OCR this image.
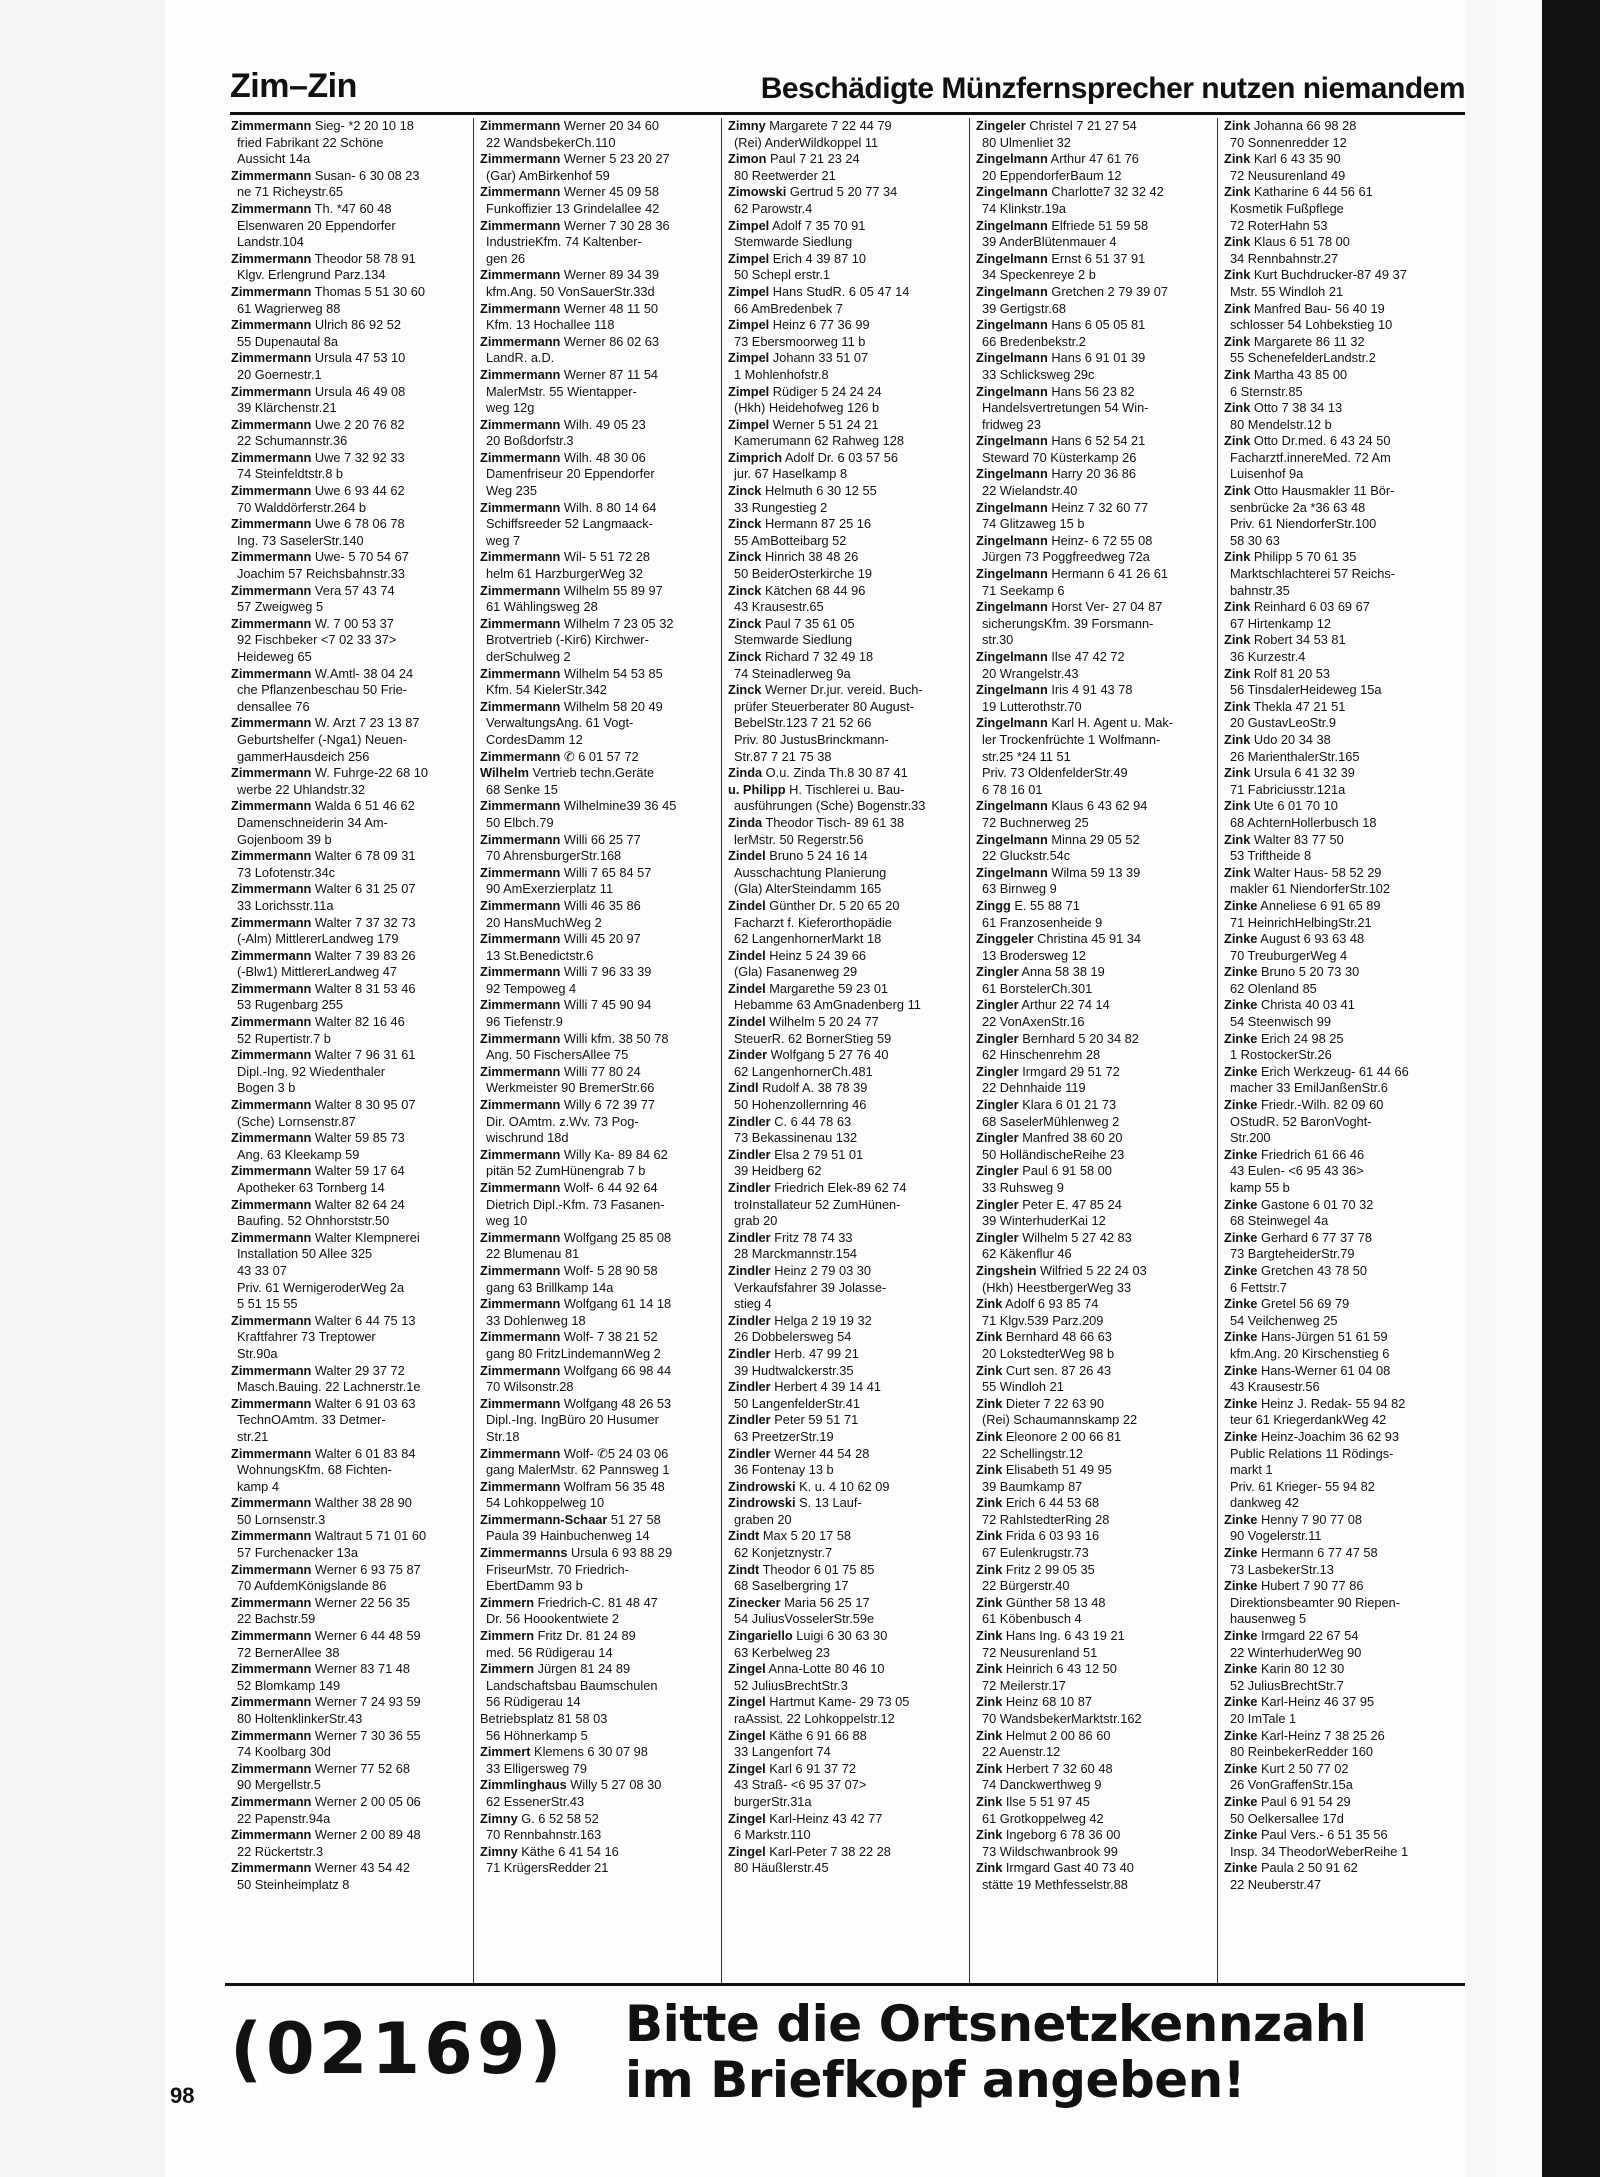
Zim–Zin	Beschädigte Münzfernsprecher nutzen niemandem
Zimmermann Sieg- *2 20 10 18
fried Fabrikant 22 Schöne
Aussicht 14a
Zimmermann Susan- 6 30 08 23
ne 71 Richeystr.65
Zimmermann Th. *47 60 48
Elsenwaren 20 Eppendorfer
Landstr.104
Zimmermann Theodor 58 78 91
Klgv. Erlengrund Parz.134
Zimmermann Thomas 5 51 30 60
61 Wagrierweg 88
Zimmermann Ulrich 86 92 52
55 Dupenautal 8a
Zimmermann Ursula 47 53 10
20 Goernestr.1
Zimmermann Ursula 46 49 08
39 Klärchenstr.21
Zimmermann Uwe 2 20 76 82
22 Schumannstr.36
Zimmermann Uwe 7 32 92 33
74 Steinfeldtstr.8 b
Zimmermann Uwe 6 93 44 62
70 Walddörferstr.264 b
Zimmermann Uwe 6 78 06 78
Ing. 73 SaselerStr.140
Zimmermann Uwe- 5 70 54 67
Joachim 57 Reichsbahnstr.33
Zimmermann Vera 57 43 74
57 Zweigweg 5
Zimmermann W. 7 00 53 37
92 Fischbeker <7 02 33 37>
Heideweg 65
Zimmermann W.Amtl- 38 04 24
che Pflanzenbeschau 50 Frie-
densallee 76
Zimmermann W. Arzt 7 23 13 87
Geburtshelfer (-Nga1) Neuen-
gammerHausdeich 256
Zimmermann W. Fuhrge-22 68 10
werbe 22 Uhlandstr.32
Zimmermann Walda 6 51 46 62
Damenschneiderin 34 Am-
Gojenboom 39 b
Zimmermann Walter 6 78 09 31
73 Lofotenstr.34c
Zimmermann Walter 6 31 25 07
33 Lorichsstr.11a
Zimmermann Walter 7 37 32 73
(-Alm) MittlererLandweg 179
Zimmermann Walter 7 39 83 26
(-Blw1) MittlererLandweg 47
Zimmermann Walter 8 31 53 46
53 Rugenbarg 255
Zimmermann Walter 82 16 46
52 Rupertistr.7 b
Zimmermann Walter 7 96 31 61
Dipl.-Ing. 92 Wiedenthaler
Bogen 3 b
Zimmermann Walter 8 30 95 07
(Sche) Lornsenstr.87
Zimmermann Walter 59 85 73
Ang. 63 Kleekamp 59
Zimmermann Walter 59 17 64
Apotheker 63 Tornberg 14
Zimmermann Walter 82 64 24
Baufing. 52 Ohnhorststr.50
Zimmermann Walter Klempnerei
Installation 50 Allee 325
43 33 07
Priv. 61 WernigeroderWeg 2a
5 51 15 55
Zimmermann Walter 6 44 75 13
Kraftfahrer 73 Treptower
Str.90a
Zimmermann Walter 29 37 72
Masch.Bauing. 22 Lachnerstr.1e
Zimmermann Walter 6 91 03 63
TechnOAmtm. 33 Detmer-
str.21
Zimmermann Walter 6 01 83 84
WohnungsKfm. 68 Fichten-
kamp 4
Zimmermann Walther 38 28 90
50 Lornsenstr.3
Zimmermann Waltraut 5 71 01 60
57 Furchenacker 13a
Zimmermann Werner 6 93 75 87
70 AufdemKönigslande 86
Zimmermann Werner 22 56 35
22 Bachstr.59
Zimmermann Werner 6 44 48 59
72 BernerAllee 38
Zimmermann Werner 83 71 48
52 Blomkamp 149
Zimmermann Werner 7 24 93 59
80 HoltenklinkerStr.43
Zimmermann Werner 7 30 36 55
74 Koolbarg 30d
Zimmermann Werner 77 52 68
90 Mergellstr.5
Zimmermann Werner 2 00 05 06
22 Papenstr.94a
Zimmermann Werner 2 00 89 48
22 Rückertstr.3
Zimmermann Werner 43 54 42
50 Steinheimplatz 8
Zimmermann Werner 20 34 60
22 WandsbekerCh.110
Zimmermann Werner 5 23 20 27
(Gar) AmBirkenhof 59
Zimmermann Werner 45 09 58
Funkoffizier 13 Grindelallee 42
Zimmermann Werner 7 30 28 36
IndustrieKfm. 74 Kaltenber-
gen 26
Zimmermann Werner 89 34 39
kfm.Ang. 50 VonSauerStr.33d
Zimmermann Werner 48 11 50
Kfm. 13 Hochallee 118
Zimmermann Werner 86 02 63
LandR. a.D.
Zimmermann Werner 87 11 54
MalerMstr. 55 Wientapper-
weg 12g
Zimmermann Wilh. 49 05 23
20 Boßdorfstr.3
Zimmermann Wilh. 48 30 06
Damenfriseur 20 Eppendorfer
Weg 235
Zimmermann Wilh. 8 80 14 64
Schiffsreeder 52 Langmaack-
weg 7
Zimmermann Wil- 5 51 72 28
helm 61 HarzburgerWeg 32
Zimmermann Wilhelm 55 89 97
61 Wählingsweg 28
Zimmermann Wilhelm 7 23 05 32
Brotvertrieb (-Kir6) Kirchwer-
derSchulweg 2
Zimmermann Wilhelm 54 53 85
Kfm. 54 KielerStr.342
Zimmermann Wilhelm 58 20 49
VerwaltungsAng. 61 Vogt-
CordesDamm 12
Zimmermann ✆ 6 01 57 72
Wilhelm Vertrieb techn.Geräte
68 Senke 15
Zimmermann Wilhelmine39 36 45
50 Elbch.79
Zimmermann Willi 66 25 77
70 AhrensburgerStr.168
Zimmermann Willi 7 65 84 57
90 AmExerzierplatz 11
Zimmermann Willi 46 35 86
20 HansMuchWeg 2
Zimmermann Willi 45 20 97
13 St.Benedictstr.6
Zimmermann Willi 7 96 33 39
92 Tempoweg 4
Zimmermann Willi 7 45 90 94
96 Tiefenstr.9
Zimmermann Willi kfm. 38 50 78
Ang. 50 FischersAllee 75
Zimmermann Willi 77 80 24
Werkmeister 90 BremerStr.66
Zimmermann Willy 6 72 39 77
Dir. OAmtm. z.Wv. 73 Pog-
wischrund 18d
Zimmermann Willy Ka- 89 84 62
pitän 52 ZumHünengrab 7 b
Zimmermann Wolf- 6 44 92 64
Dietrich Dipl.-Kfm. 73 Fasanen-
weg 10
Zimmermann Wolfgang 25 85 08
22 Blumenau 81
Zimmermann Wolf- 5 28 90 58
gang 63 Brillkamp 14a
Zimmermann Wolfgang 61 14 18
33 Dohlenweg 18
Zimmermann Wolf- 7 38 21 52
gang 80 FritzLindemannWeg 2
Zimmermann Wolfgang 66 98 44
70 Wilsonstr.28
Zimmermann Wolfgang 48 26 53
Dipl.-Ing. IngBüro 20 Husumer
Str.18
Zimmermann Wolf- ✆5 24 03 06
gang MalerMstr. 62 Pannsweg 1
Zimmermann Wolfram 56 35 48
54 Lohkoppelweg 10
Zimmermann-Schaar 51 27 58
Paula 39 Hainbuchenweg 14
Zimmermanns Ursula 6 93 88 29
FriseurMstr. 70 Friedrich-
EbertDamm 93 b
Zimmern Friedrich-C. 81 48 47
Dr. 56 Hoookentwiete 2
Zimmern Fritz Dr. 81 24 89
med. 56 Rüdigerau 14
Zimmern Jürgen 81 24 89
Landschaftsbau Baumschulen
56 Rüdigerau 14
Betriebsplatz 81 58 03
56 Höhnerkamp 5
Zimmert Klemens 6 30 07 98
33 Elligersweg 79
Zimmlinghaus Willy 5 27 08 30
62 EssenerStr.43
Zimny G. 6 52 58 52
70 Rennbahnstr.163
Zimny Käthe 6 41 54 16
71 KrügersRedder 21
Zimny Margarete 7 22 44 79
(Rei) AnderWildkoppel 11
Zimon Paul 7 21 23 24
80 Reetwerder 21
Zimowski Gertrud 5 20 77 34
62 Parowstr.4
Zimpel Adolf 7 35 70 91
Stemwarde Siedlung
Zimpel Erich 4 39 87 10
50 Schepl erstr.1
Zimpel Hans StudR. 6 05 47 14
66 AmBredenbek 7
Zimpel Heinz 6 77 36 99
73 Ebersmoorweg 11 b
Zimpel Johann 33 51 07
1 Mohlenhofstr.8
Zimpel Rüdiger 5 24 24 24
(Hkh) Heidehofweg 126 b
Zimpel Werner 5 51 24 21
Kamerumann 62 Rahweg 128
Zimprich Adolf Dr. 6 03 57 56
jur. 67 Haselkamp 8
Zinck Helmuth 6 30 12 55
33 Rungestieg 2
Zinck Hermann 87 25 16
55 AmBotteibarg 52
Zinck Hinrich 38 48 26
50 BeiderOsterkirche 19
Zinck Kätchen 68 44 96
43 Krausestr.65
Zinck Paul 7 35 61 05
Stemwarde Siedlung
Zinck Richard 7 32 49 18
74 Steinadlerweg 9a
Zinck Werner Dr.jur. vereid. Buch-
prüfer Steuerberater 80 August-
BebelStr.123 7 21 52 66
Priv. 80 JustusBrinckmann-
Str.87 7 21 75 38
Zinda O.u. Zinda Th.8 30 87 41
u. Philipp H. Tischlerei u. Bau-
ausführungen (Sche) Bogenstr.33
Zinda Theodor Tisch- 89 61 38
lerMstr. 50 Regerstr.56
Zindel Bruno 5 24 16 14
Ausschachtung Planierung
(Gla) AlterSteindamm 165
Zindel Günther Dr. 5 20 65 20
Facharzt f. Kieferorthopädie
62 LangenhornerMarkt 18
Zindel Heinz 5 24 39 66
(Gla) Fasanenweg 29
Zindel Margarethe 59 23 01
Hebamme 63 AmGnadenberg 11
Zindel Wilhelm 5 20 24 77
SteuerR. 62 BornerStieg 59
Zinder Wolfgang 5 27 76 40
62 LangenhornerCh.481
Zindl Rudolf A. 38 78 39
50 Hohenzollernring 46
Zindler C. 6 44 78 63
73 Bekassinenau 132
Zindler Elsa 2 79 51 01
39 Heidberg 62
Zindler Friedrich Elek-89 62 74
troInstallateur 52 ZumHünen-
grab 20
Zindler Fritz 78 74 33
28 Marckmannstr.154
Zindler Heinz 2 79 03 30
Verkaufsfahrer 39 Jolasse-
stieg 4
Zindler Helga 2 19 19 32
26 Dobbelersweg 54
Zindler Herb. 47 99 21
39 Hudtwalckerstr.35
Zindler Herbert 4 39 14 41
50 LangenfelderStr.41
Zindler Peter 59 51 71
63 PreetzerStr.19
Zindler Werner 44 54 28
36 Fontenay 13 b
Zindrowski K. u. 4 10 62 09
Zindrowski S. 13 Lauf-
graben 20
Zindt Max 5 20 17 58
62 Konjetznystr.7
Zindt Theodor 6 01 75 85
68 Saselbergring 17
Zinecker Maria 56 25 17
54 JuliusVosselerStr.59e
Zingariello Luigi 6 30 63 30
63 Kerbelweg 23
Zingel Anna-Lotte 80 46 10
52 JuliusBrechtStr.3
Zingel Hartmut Kame- 29 73 05
raAssist. 22 Lohkoppelstr.12
Zingel Käthe 6 91 66 88
33 Langenfort 74
Zingel Karl 6 91 37 72
43 Straß- <6 95 37 07>
burgerStr.31a
Zingel Karl-Heinz 43 42 77
6 Markstr.110
Zingel Karl-Peter 7 38 22 28
80 Häußlerstr.45
Zingeler Christel 7 21 27 54
80 Ulmenliet 32
Zingelmann Arthur 47 61 76
20 EppendorferBaum 12
Zingelmann Charlotte7 32 32 42
74 Klinkstr.19a
Zingelmann Elfriede 51 59 58
39 AnderBlütenmauer 4
Zingelmann Ernst 6 51 37 91
34 Speckenreye 2 b
Zingelmann Gretchen 2 79 39 07
39 Gertigstr.68
Zingelmann Hans 6 05 05 81
66 Bredenbekstr.2
Zingelmann Hans 6 91 01 39
33 Schlicksweg 29c
Zingelmann Hans 56 23 82
Handelsvertretungen 54 Win-
fridweg 23
Zingelmann Hans 6 52 54 21
Steward 70 Küsterkamp 26
Zingelmann Harry 20 36 86
22 Wielandstr.40
Zingelmann Heinz 7 32 60 77
74 Glitzaweg 15 b
Zingelmann Heinz- 6 72 55 08
Jürgen 73 Poggfreedweg 72a
Zingelmann Hermann 6 41 26 61
71 Seekamp 6
Zingelmann Horst Ver- 27 04 87
sicherungsKfm. 39 Forsmann-
str.30
Zingelmann Ilse 47 42 72
20 Wrangelstr.43
Zingelmann Iris 4 91 43 78
19 Lutterothstr.70
Zingelmann Karl H. Agent u. Mak-
ler Trockenfrüchte 1 Wolfmann-
str.25 *24 11 51
Priv. 73 OldenfelderStr.49
6 78 16 01
Zingelmann Klaus 6 43 62 94
72 Buchnerweg 25
Zingelmann Minna 29 05 52
22 Gluckstr.54c
Zingelmann Wilma 59 13 39
63 Birnweg 9
Zingg E. 55 88 71
61 Franzosenheide 9
Zinggeler Christina 45 91 34
13 Brodersweg 12
Zingler Anna 58 38 19
61 BorstelerCh.301
Zingler Arthur 22 74 14
22 VonAxenStr.16
Zingler Bernhard 5 20 34 82
62 Hinschenrehm 28
Zingler Irmgard 29 51 72
22 Dehnhaide 119
Zingler Klara 6 01 21 73
68 SaselerMühlenweg 2
Zingler Manfred 38 60 20
50 HolländischeReihe 23
Zingler Paul 6 91 58 00
33 Ruhsweg 9
Zingler Peter E. 47 85 24
39 WinterhuderKai 12
Zingler Wilhelm 5 27 42 83
62 Käkenflur 46
Zingshein Wilfried 5 22 24 03
(Hkh) HeestbergerWeg 33
Zink Adolf 6 93 85 74
71 Klgv.539 Parz.209
Zink Bernhard 48 66 63
20 LokstedterWeg 98 b
Zink Curt sen. 87 26 43
55 Windloh 21
Zink Dieter 7 22 63 90
(Rei) Schaumannskamp 22
Zink Eleonore 2 00 66 81
22 Schellingstr.12
Zink Elisabeth 51 49 95
39 Baumkamp 87
Zink Erich 6 44 53 68
72 RahlstedterRing 28
Zink Frida 6 03 93 16
67 Eulenkrugstr.73
Zink Fritz 2 99 05 35
22 Bürgerstr.40
Zink Günther 58 13 48
61 Köbenbusch 4
Zink Hans Ing. 6 43 19 21
72 Neusurenland 51
Zink Heinrich 6 43 12 50
72 Meilerstr.17
Zink Heinz 68 10 87
70 WandsbekerMarktstr.162
Zink Helmut 2 00 86 60
22 Auenstr.12
Zink Herbert 7 32 60 48
74 Danckwerthweg 9
Zink Ilse 5 51 97 45
61 Grotkoppelweg 42
Zink Ingeborg 6 78 36 00
73 Wildschwanbrook 99
Zink Irmgard Gast 40 73 40
stätte 19 Methfesselstr.88
Zink Johanna 66 98 28
70 Sonnenredder 12
Zink Karl 6 43 35 90
72 Neusurenland 49
Zink Katharine 6 44 56 61
Kosmetik Fußpflege
72 RoterHahn 53
Zink Klaus 6 51 78 00
34 Rennbahnstr.27
Zink Kurt Buchdrucker-87 49 37
Mstr. 55 Windloh 21
Zink Manfred Bau- 56 40 19
schlosser 54 Lohbekstieg 10
Zink Margarete 86 11 32
55 SchenefelderLandstr.2
Zink Martha 43 85 00
6 Sternstr.85
Zink Otto 7 38 34 13
80 Mendelstr.12 b
Zink Otto Dr.med. 6 43 24 50
Facharztf.innereMed. 72 Am
Luisenhof 9a
Zink Otto Hausmakler 11 Bör-
senbrücke 2a *36 63 48
Priv. 61 NiendorferStr.100
58 30 63
Zink Philipp 5 70 61 35
Marktschlachterei 57 Reichs-
bahnstr.35
Zink Reinhard 6 03 69 67
67 Hirtenkamp 12
Zink Robert 34 53 81
36 Kurzestr.4
Zink Rolf 81 20 53
56 TinsdalerHeideweg 15a
Zink Thekla 47 21 51
20 GustavLeoStr.9
Zink Udo 20 34 38
26 MarienthalerStr.165
Zink Ursula 6 41 32 39
71 Fabriciusstr.121a
Zink Ute 6 01 70 10
68 AchternHollerbusch 18
Zink Walter 83 77 50
53 Triftheide 8
Zink Walter Haus- 58 52 29
makler 61 NiendorferStr.102
Zinke Anneliese 6 91 65 89
71 HeinrichHelbingStr.21
Zinke August 6 93 63 48
70 TreuburgerWeg 4
Zinke Bruno 5 20 73 30
62 Olenland 85
Zinke Christa 40 03 41
54 Steenwisch 99
Zinke Erich 24 98 25
1 RostockerStr.26
Zinke Erich Werkzeug- 61 44 66
macher 33 EmilJanßenStr.6
Zinke Friedr.-Wilh. 82 09 60
OStudR. 52 BaronVoght-
Str.200
Zinke Friedrich 61 66 46
43 Eulen- <6 95 43 36>
kamp 55 b
Zinke Gastone 6 01 70 32
68 Steinwegel 4a
Zinke Gerhard 6 77 37 78
73 BargteheiderStr.79
Zinke Gretchen 43 78 50
6 Fettstr.7
Zinke Gretel 56 69 79
54 Veilchenweg 25
Zinke Hans-Jürgen 51 61 59
kfm.Ang. 20 Kirschenstieg 6
Zinke Hans-Werner 61 04 08
43 Krausestr.56
Zinke Heinz J. Redak- 55 94 82
teur 61 KriegerdankWeg 42
Zinke Heinz-Joachim 36 62 93
Public Relations 11 Rödings-
markt 1
Priv. 61 Krieger- 55 94 82
dankweg 42
Zinke Henny 7 90 77 08
90 Vogelerstr.11
Zinke Hermann 6 77 47 58
73 LasbekerStr.13
Zinke Hubert 7 90 77 86
Direktionsbeamter 90 Riepen-
hausenweg 5
Zinke Irmgard 22 67 54
22 WinterhuderWeg 90
Zinke Karin 80 12 30
52 JuliusBrechtStr.7
Zinke Karl-Heinz 46 37 95
20 ImTale 1
Zinke Karl-Heinz 7 38 25 26
80 ReinbekerRedder 160
Zinke Kurt 2 50 77 02
26 VonGraffenStr.15a
Zinke Paul 6 91 54 29
50 Oelkersallee 17d
Zinke Paul Vers.- 6 51 35 56
Insp. 34 TheodorWeberReihe 1
Zinke Paula 2 50 91 62
22 Neuberstr.47
98
(02169) Bitte die Ortsnetzkennzahl
im Briefkopf angeben!
